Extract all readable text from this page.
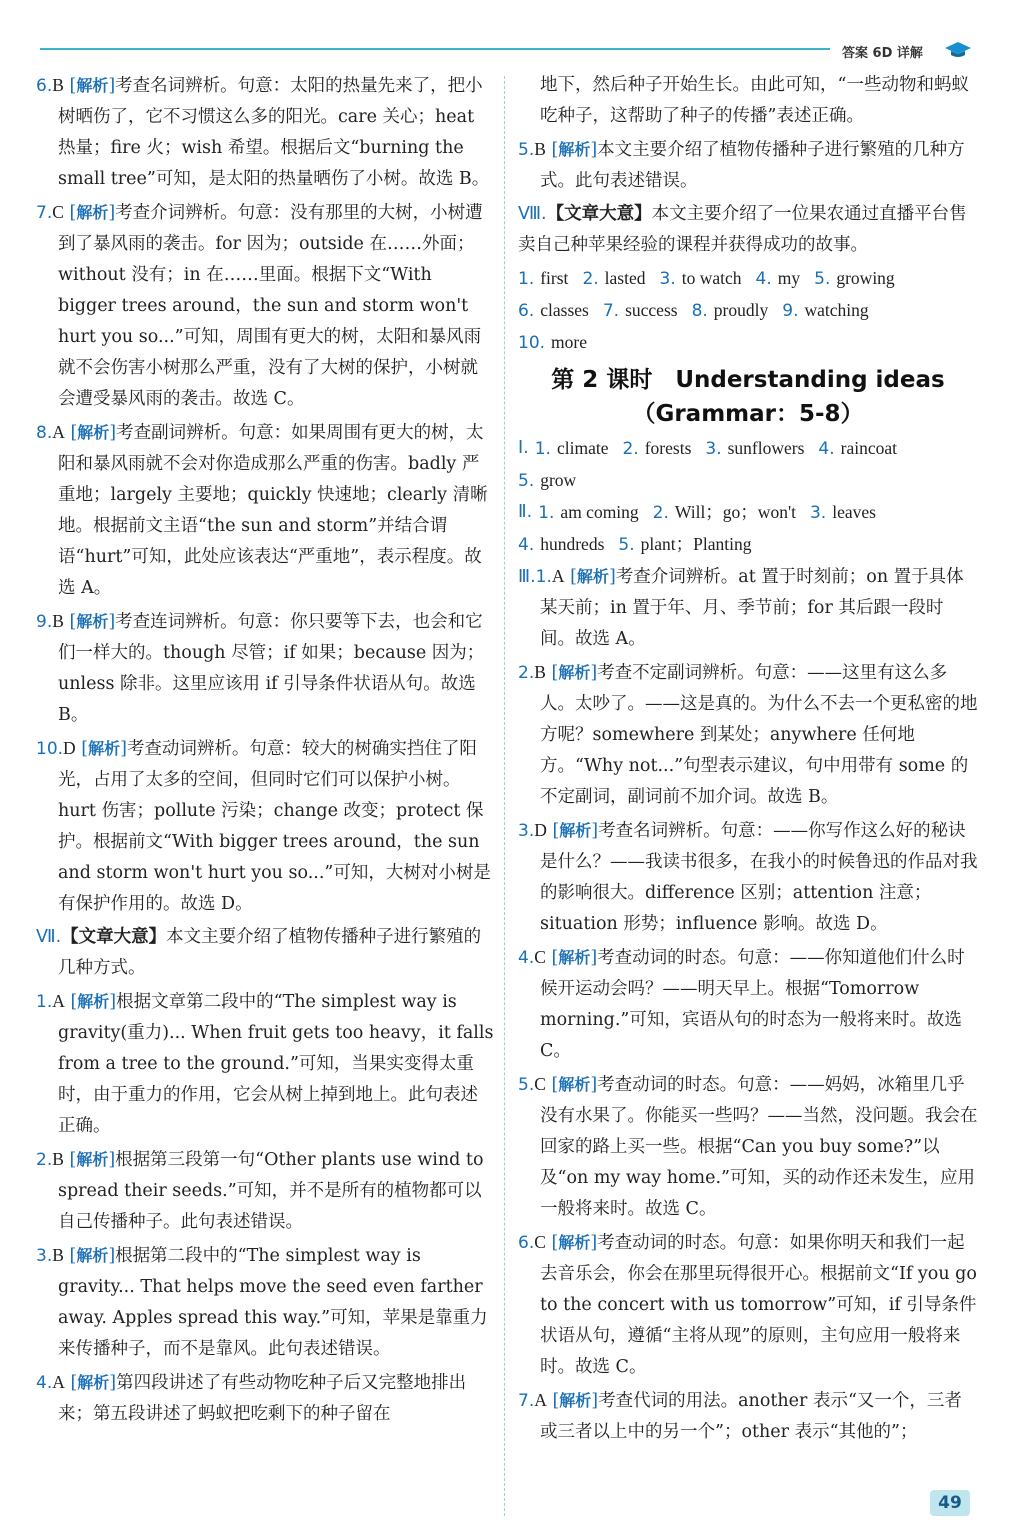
答案 6D 详解
6.B [解析]考查名词辨析。句意：太阳的热量先来了，把小树晒伤了，它不习惯这么多的阳光。care 关心；heat 热量；fire 火；wish 希望。根据后文“burning the small tree”可知，是太阳的热量晒伤了小树。故选 B。
7.C [解析]考查介词辨析。句意：没有那里的大树，小树遭到了暴风雨的袭击。for 因为；outside 在……外面；without 没有；in 在……里面。根据下文“With bigger trees around，the sun and storm won't hurt you so...”可知，周围有更大的树，太阳和暴风雨就不会伤害小树那么严重，没有了大树的保护，小树就会遭受暴风雨的袭击。故选 C。
8.A [解析]考查副词辨析。句意：如果周围有更大的树，太阳和暴风雨就不会对你造成那么严重的伤害。badly 严重地；largely 主要地；quickly 快速地；clearly 清晰地。根据前文主语“the sun and storm”并结合谓语“hurt”可知，此处应该表达“严重地”，表示程度。故选 A。
9.B [解析]考查连词辨析。句意：你只要等下去，也会和它们一样大的。though 尽管；if 如果；because 因为；unless 除非。这里应该用 if 引导条件状语从句。故选 B。
10.D [解析]考查动词辨析。句意：较大的树确实挡住了阳光，占用了太多的空间，但同时它们可以保护小树。hurt 伤害；pollute 污染；change 改变；protect 保护。根据前文“With bigger trees around，the sun and storm won't hurt you so...”可知，大树对小树是有保护作用的。故选 D。
Ⅶ.【文章大意】本文主要介绍了植物传播种子进行繁殖的几种方式。
1.A [解析]根据文章第二段中的“The simplest way is gravity(重力)... When fruit gets too heavy，it falls from a tree to the ground.”可知，当果实变得太重时，由于重力的作用，它会从树上掉到地上。此句表述正确。
2.B [解析]根据第三段第一句“Other plants use wind to spread their seeds.”可知，并不是所有的植物都可以自己传播种子。此句表述错误。
3.B [解析]根据第二段中的“The simplest way is gravity... That helps move the seed even farther away. Apples spread this way.”可知，苹果是靠重力来传播种子，而不是靠风。此句表述错误。
4.A [解析]第四段讲述了有些动物吃种子后又完整地排出来；第五段讲述了蚂蚁把吃剩下的种子留在
地下，然后种子开始生长。由此可知，“一些动物和蚂蚁吃种子，这帮助了种子的传播”表述正确。
5.B [解析]本文主要介绍了植物传播种子进行繁殖的几种方式。此句表述错误。
Ⅷ.【文章大意】本文主要介绍了一位果农通过直播平台售卖自己种苹果经验的课程并获得成功的故事。
1. first 2. lasted 3. to watch 4. my 5. growing
6. classes 7. success 8. proudly 9. watching
10. more
第 2 课时　Understanding ideas
（Grammar：5-8）
Ⅰ. 1. climate 2. forests 3. sunflowers 4. raincoat
5. grow
Ⅱ. 1. am coming 2. Will；go；won't 3. leaves
4. hundreds 5. plant；Planting
Ⅲ.1.A [解析]考查介词辨析。at 置于时刻前；on 置于具体某天前；in 置于年、月、季节前；for 其后跟一段时间。故选 A。
2.B [解析]考查不定副词辨析。句意：——这里有这么多人。太吵了。——这是真的。为什么不去一个更私密的地方呢？somewhere 到某处；anywhere 任何地方。“Why not...”句型表示建议，句中用带有 some 的不定副词，副词前不加介词。故选 B。
3.D [解析]考查名词辨析。句意：——你写作这么好的秘诀是什么？——我读书很多，在我小的时候鲁迅的作品对我的影响很大。difference 区别；attention 注意；situation 形势；influence 影响。故选 D。
4.C [解析]考查动词的时态。句意：——你知道他们什么时候开运动会吗？——明天早上。根据“Tomorrow morning.”可知，宾语从句的时态为一般将来时。故选 C。
5.C [解析]考查动词的时态。句意：——妈妈，冰箱里几乎没有水果了。你能买一些吗？——当然，没问题。我会在回家的路上买一些。根据“Can you buy some?”以及“on my way home.”可知，买的动作还未发生，应用一般将来时。故选 C。
6.C [解析]考查动词的时态。句意：如果你明天和我们一起去音乐会，你会在那里玩得很开心。根据前文“If you go to the concert with us tomorrow”可知，if 引导条件状语从句，遵循“主将从现”的原则，主句应用一般将来时。故选 C。
7.A [解析]考查代词的用法。another 表示“又一个，三者或三者以上中的另一个”；other 表示“其他的”；
49
